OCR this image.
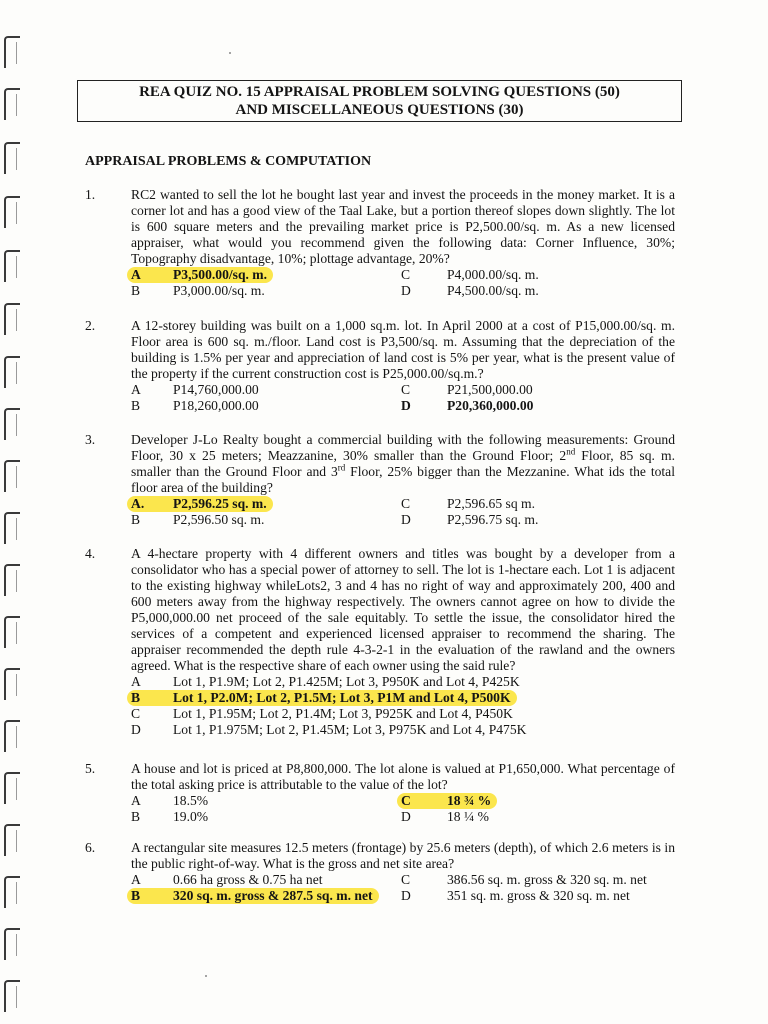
REA QUIZ NO. 15 APPRAISAL PROBLEM SOLVING QUESTIONS (50)
AND MISCELLANEOUS QUESTIONS (30)
APPRAISAL PROBLEMS & COMPUTATION
1.	RC2 wanted to sell the lot he bought last year and invest the proceeds in the money market. It is a corner lot and has a good view of the Taal Lake, but a portion thereof slopes down slightly. The lot is 600 square meters and the prevailing market price is P2,500.00/sq. m. As a new licensed appraiser, what would you recommend given the following data: Corner Influence, 30%; Topography disadvantage, 10%; plottage advantage, 20%?
A P3,500.00/sq. m.	C	P4,000.00/sq. m.
B P3,000.00/sq. m.	D	P4,500.00/sq. m.
2.	A 12-storey building was built on a 1,000 sq.m. lot. In April 2000 at a cost of P15,000.00/sq. m. Floor area is 600 sq. m./floor. Land cost is P3,500/sq. m. Assuming that the depreciation of the building is 1.5% per year and appreciation of land cost is 5% per year, what is the present value of the property if the current construction cost is P25,000.00/sq.m.?
A P14,760,000.00	C	P21,500,000.00
B P18,260,000.00	D	P20,360,000.00
3.	Developer J-Lo Realty bought a commercial building with the following measurements: Ground Floor, 30 x 25 meters; Meazzanine, 30% smaller than the Ground Floor; 2nd Floor, 85 sq. m. smaller than the Ground Floor and 3rd Floor, 25% bigger than the Mezzanine. What ids the total floor area of the building?
A. P2,596.25 sq. m.	C	P2,596.65 sq m.
B P2,596.50 sq. m.	D	P2,596.75 sq. m.
4.	A 4-hectare property with 4 different owners and titles was bought by a developer from a consolidator who has a special power of attorney to sell. The lot is 1-hectare each. Lot 1 is adjacent to the existing highway whileLots2, 3 and 4 has no right of way and approximately 200, 400 and 600 meters away from the highway respectively. The owners cannot agree on how to divide the P5,000,000.00 net proceed of the sale equitably. To settle the issue, the consolidator hired the services of a competent and experienced licensed appraiser to recommend the sharing. The appraiser recommended the depth rule 4-3-2-1 in the evaluation of the rawland and the owners agreed. What is the respective share of each owner using the said rule?
A Lot 1, P1.9M; Lot 2, P1.425M; Lot 3, P950K and Lot 4, P425K
B Lot 1, P2.0M; Lot 2, P1.5M; Lot 3, P1M and Lot 4, P500K
C Lot 1, P1.95M; Lot 2, P1.4M; Lot 3, P925K and Lot 4, P450K
D Lot 1, P1.975M; Lot 2, P1.45M; Lot 3, P975K and Lot 4, P475K
5.	A house and lot is priced at P8,800,000. The lot alone is valued at P1,650,000. What percentage of the total asking price is attributable to the value of the lot?
A 18.5%	C	18 ¾ %
B 19.0%	D	18 ¼ %
6.	A rectangular site measures 12.5 meters (frontage) by 25.6 meters (depth), of which 2.6 meters is in the public right-of-way. What is the gross and net site area?
A 0.66 ha gross & 0.75 ha net	C	386.56 sq. m. gross & 320 sq. m. net
B 320 sq. m. gross & 287.5 sq. m. net	D	351 sq. m. gross & 320 sq. m. net
